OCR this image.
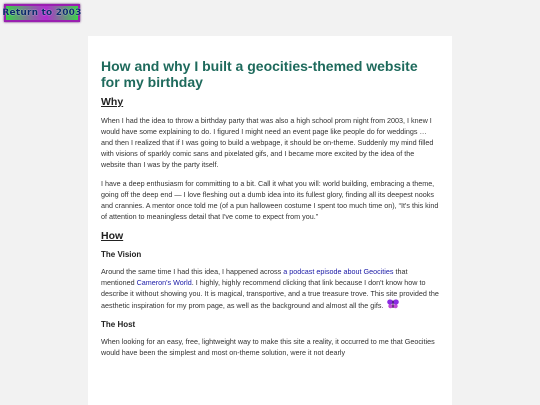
Return to 2003
How and why I built a geocities-themed website for my birthday
Why

When I had the idea to throw a birthday party that was also a high school prom night from 2003, I knew I would have some explaining to do. I figured I might need an event page like people do for weddings … and then I realized that if I was going to build a webpage, it should be on-theme. Suddenly my mind filled with visions of sparkly comic sans and pixelated gifs, and I became more excited by the idea of the website than I was by the party itself.

I have a deep enthusiasm for committing to a bit. Call it what you will: world building, embracing a theme, going off the deep end — I love fleshing out a dumb idea into its fullest glory, finding all its deepest nooks and crannies. A mentor once told me (of a pun halloween costume I spent too much time on), “It's this kind of attention to meaningless detail that I've come to expect from you.”

How
The Vision

Around the same time I had this idea, I happened across a podcast episode about Geocities that mentioned Cameron's World. I highly, highly recommend clicking that link because I don't know how to describe it without showing you. It is magical, transportive, and a true treasure trove. This site provided the aesthetic inspiration for my prom page, as well as the background and almost all the gifs.

The Host

When looking for an easy, free, lightweight way to make this site a reality, it occurred to me that Geocities would have been the simplest and most on-theme solution, were it not dearly
